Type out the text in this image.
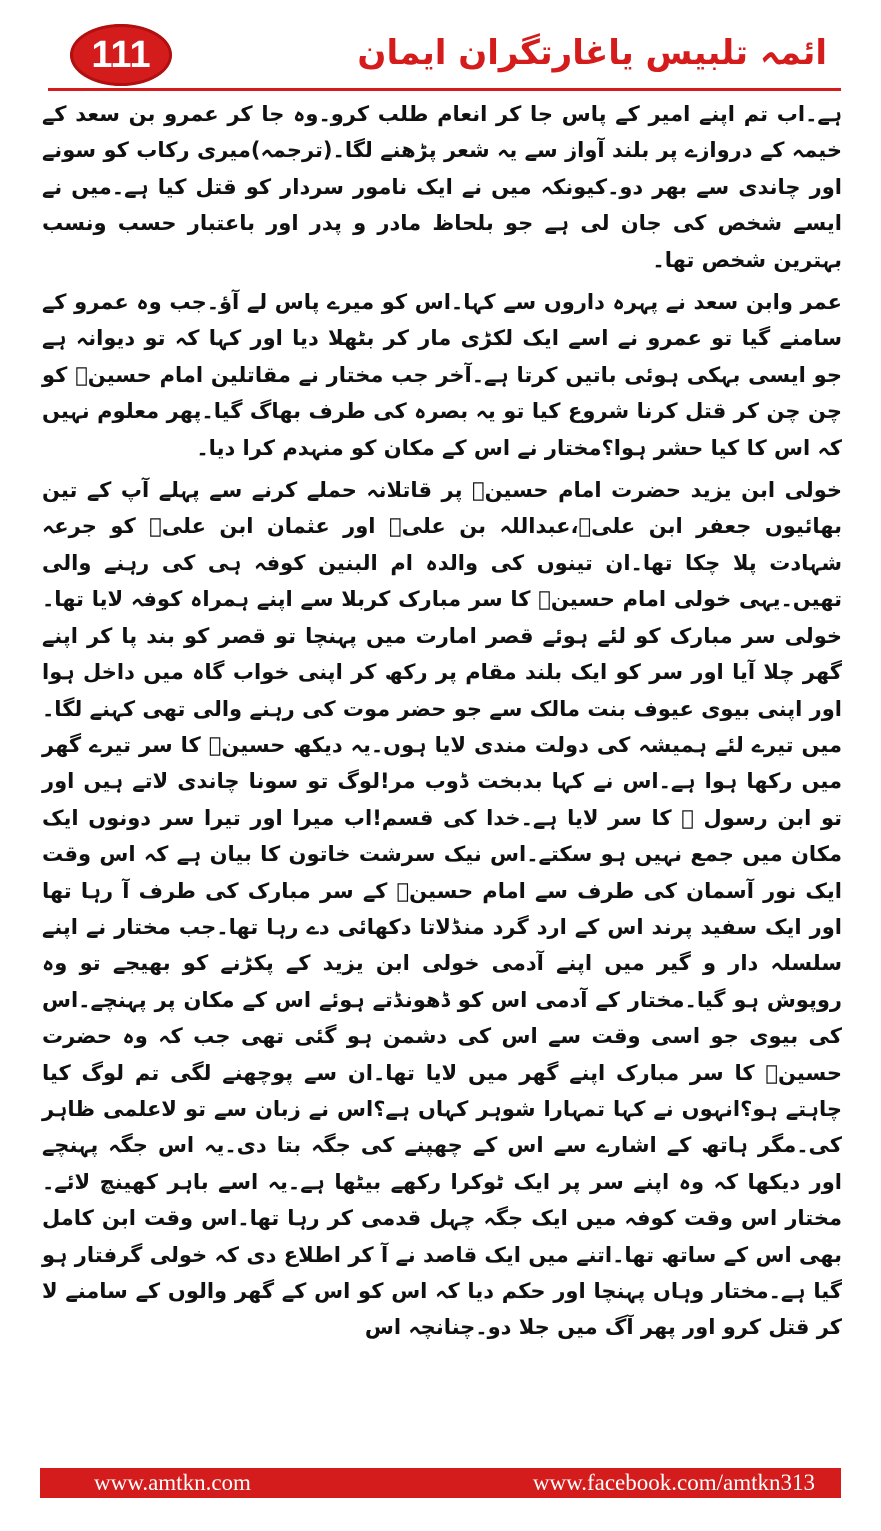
111	ائمہ تلبیس یاغارتگران ایمان

ہے۔اب تم اپنے امیر کے پاس جا کر انعام طلب کرو۔وہ جا کر عمرو بن سعد کے خیمہ کے دروازے پر بلند آواز سے یہ شعر پڑھنے لگا۔(ترجمہ)میری رکاب کو سونے اور چاندی سے بھر دو۔کیونکہ میں نے ایک نامور سردار کو قتل کیا ہے۔میں نے ایسے شخص کی جان لی ہے جو بلحاظ مادر و پدر اور باعتبار حسب ونسب بہترین شخص تھا۔

عمر وابن سعد نے پہرہ داروں سے کہا۔اس کو میرے پاس لے آؤ۔جب وہ عمرو کے سامنے گیا تو عمرو نے اسے ایک لکڑی مار کر بٹھلا دیا اور کہا کہ تو دیوانہ ہے جو ایسی بہکی ہوئی باتیں کرتا ہے۔آخر جب مختار نے مقاتلین امام حسینؓ کو چن چن کر قتل کرنا شروع کیا تو یہ بصرہ کی طرف بھاگ گیا۔پھر معلوم نہیں کہ اس کا کیا حشر ہوا؟مختار نے اس کے مکان کو منہدم کرا دیا۔

خولی ابن یزید حضرت امام حسینؓ پر قاتلانہ حملے کرنے سے پہلے آپ کے تین بھائیوں جعفر ابن علیؓ،عبداللہ بن علیؓ اور عثمان ابن علیؓ کو جرعہ شہادت پلا چکا تھا۔ان تینوں کی والدہ ام البنین کوفہ ہی کی رہنے والی تھیں۔یہی خولی امام حسینؓ کا سر مبارک کربلا سے اپنے ہمراہ کوفہ لایا تھا۔خولی سر مبارک کو لئے ہوئے قصر امارت میں پہنچا تو قصر کو بند پا کر اپنے گھر چلا آیا اور سر کو ایک بلند مقام پر رکھ کر اپنی خواب گاہ میں داخل ہوا اور اپنی بیوی عیوف بنت مالک سے جو حضر موت کی رہنے والی تھی کہنے لگا۔میں تیرے لئے ہمیشہ کی دولت مندی لایا ہوں۔یہ دیکھ حسینؓ کا سر تیرے گھر میں رکھا ہوا ہے۔اس نے کہا بدبخت ڈوب مر!لوگ تو سونا چاندی لاتے ہیں اور تو ابن رسول ﷺ کا سر لایا ہے۔خدا کی قسم!اب میرا اور تیرا سر دونوں ایک مکان میں جمع نہیں ہو سکتے۔اس نیک سرشت خاتون کا بیان ہے کہ اس وقت ایک نور آسمان کی طرف سے امام حسینؓ کے سر مبارک کی طرف آ رہا تھا اور ایک سفید پرند اس کے ارد گرد منڈلاتا دکھائی دے رہا تھا۔جب مختار نے اپنے سلسلہ دار و گیر میں اپنے آدمی خولی ابن یزید کے پکڑنے کو بھیجے تو وہ روپوش ہو گیا۔مختار کے آدمی اس کو ڈھونڈتے ہوئے اس کے مکان پر پہنچے۔اس کی بیوی جو اسی وقت سے اس کی دشمن ہو گئی تھی جب کہ وہ حضرت حسینؓ کا سر مبارک اپنے گھر میں لایا تھا۔ان سے پوچھنے لگی تم لوگ کیا چاہتے ہو؟انہوں نے کہا تمہارا شوہر کہاں ہے؟اس نے زبان سے تو لاعلمی ظاہر کی۔مگر ہاتھ کے اشارے سے اس کے چھپنے کی جگہ بتا دی۔یہ اس جگہ پہنچے اور دیکھا کہ وہ اپنے سر پر ایک ٹوکرا رکھے بیٹھا ہے۔یہ اسے باہر کھینچ لائے۔مختار اس وقت کوفہ میں ایک جگہ چہل قدمی کر رہا تھا۔اس وقت ابن کامل بھی اس کے ساتھ تھا۔اتنے میں ایک قاصد نے آ کر اطلاع دی کہ خولی گرفتار ہو گیا ہے۔مختار وہاں پہنچا اور حکم دیا کہ اس کو اس کے گھر والوں کے سامنے لا کر قتل کرو اور پھر آگ میں جلا دو۔چنانچہ اس

www.amtkn.com	www.facebook.com/amtkn313
